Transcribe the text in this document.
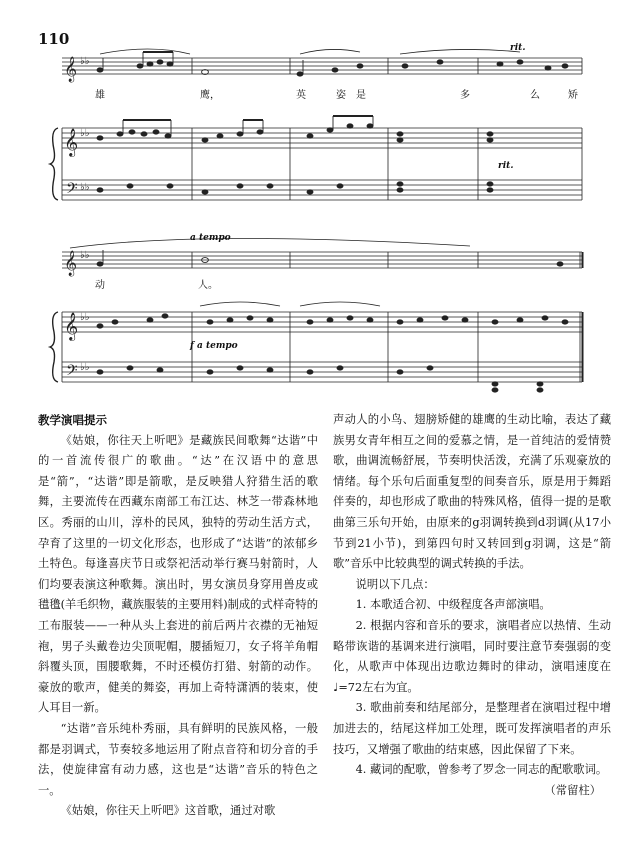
110
𝄞
𝄞
𝄢
𝄞
𝄞
𝄢
♭♭
♭♭
♭♭
♭♭
♭♭
♭♭
雄	鹰，	英	姿 是	多	么	矫
动	人。
rit.
rit.
a tempo
f a tempo

教学演唱提示

《姑娘，你往天上听吧》是藏族民间歌舞“达谐”中的一首流传很广的歌曲。“达”在汉语中的意思是“箭”，“达谐”即是箭歌，是反映猎人狩猎生活的歌舞，主要流传在西藏东南部工布江达、林芝一带森林地区。秀丽的山川，淳朴的民风，独特的劳动生活方式，孕育了这里的一切文化形态，也形成了“达谐”的浓郁乡土特色。每逢喜庆节日或祭祀活动举行赛马射箭时，人们均要表演这种歌舞。演出时，男女演员身穿用兽皮或氆氇(羊毛织物，藏族服装的主要用料)制成的式样奇特的工布服装——一种从头上套进的前后两片衣襟的无袖短袍，男子头戴卷边尖顶呢帽，腰插短刀，女子将羊角帽斜覆头顶，围腰歌舞，不时还模仿打猎、射箭的动作。豪放的歌声，健美的舞姿，再加上奇特潇洒的装束，使人耳目一新。

“达谐”音乐纯朴秀丽，具有鲜明的民族风格，一般都是羽调式，节奏较多地运用了附点音符和切分音的手法，使旋律富有动力感，这也是“达谐”音乐的特色之一。

《姑娘，你往天上听吧》这首歌，通过对歌

声动人的小鸟、翅膀矫健的雄鹰的生动比喻，表达了藏族男女青年相互之间的爱慕之情，是一首纯洁的爱情赞歌，曲调流畅舒展，节奏明快活泼，充满了乐观豪放的情绪。每个乐句后面重复型的间奏音乐，原是用于舞蹈伴奏的，却也形成了歌曲的特殊风格，值得一提的是歌曲第三乐句开始，由原来的g羽调转换到d羽调(从17小节到21小节)，到第四句时又转回到g羽调，这是“箭歌”音乐中比较典型的调式转换的手法。

说明以下几点：

1. 本歌适合初、中级程度各声部演唱。

2. 根据内容和音乐的要求，演唱者应以热情、生动略带诙谐的基调来进行演唱，同时要注意节奏强弱的变化，从歌声中体现出边歌边舞时的律动，演唱速度在 ♩=72左右为宜。

3. 歌曲前奏和结尾部分，是整理者在演唱过程中增加进去的，结尾这样加工处理，既可发挥演唱者的声乐技巧，又增强了歌曲的结束感，因此保留了下来。

4. 藏词的配歌，曾参考了罗念一同志的配歌歌词。

（常留柱）
